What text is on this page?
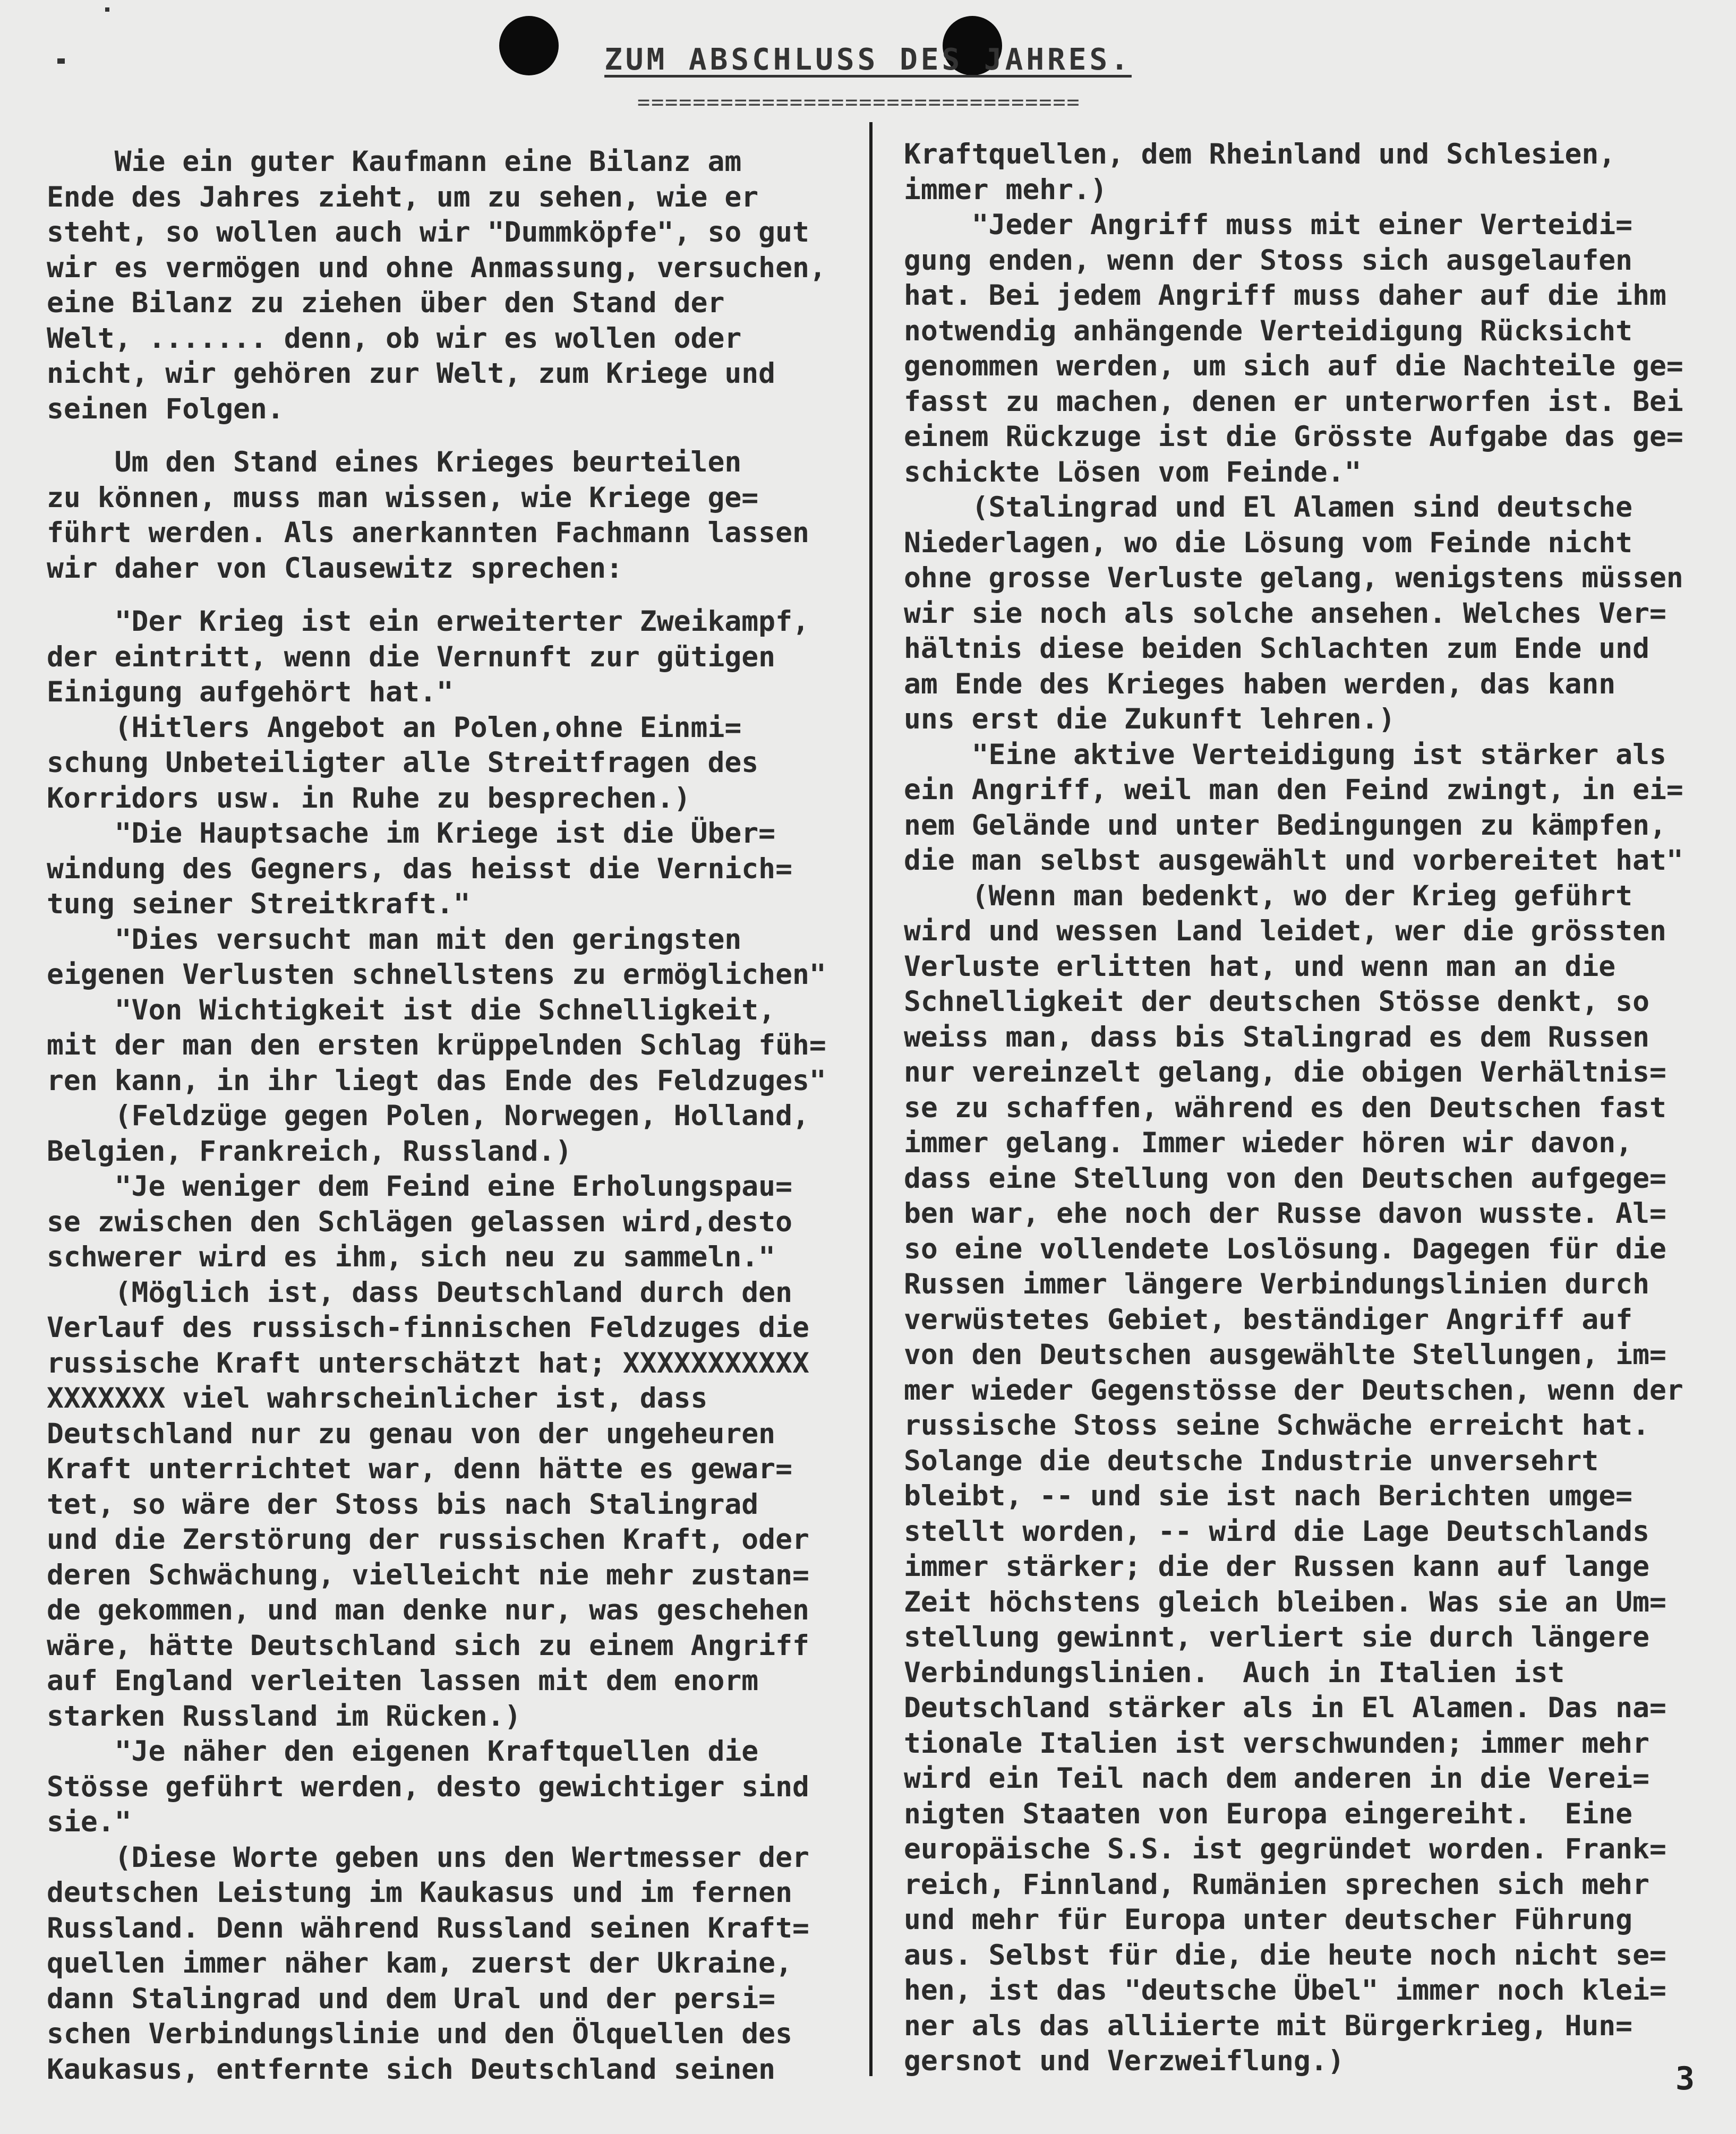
ZUM ABSCHLUSS DES JAHRES.
================================
Wie ein guter Kaufmann eine Bilanz am
Ende des Jahres zieht, um zu sehen, wie er
steht, so wollen auch wir "Dummköpfe", so gut
wir es vermögen und ohne Anmassung, versuchen,
eine Bilanz zu ziehen über den Stand der
Welt, ....... denn, ob wir es wollen oder
nicht, wir gehören zur Welt, zum Kriege und
seinen Folgen.
Um den Stand eines Krieges beurteilen
zu können, muss man wissen, wie Kriege ge=
führt werden. Als anerkannten Fachmann lassen
wir daher von Clausewitz sprechen:
"Der Krieg ist ein erweiterter Zweikampf,
der eintritt, wenn die Vernunft zur gütigen
Einigung aufgehört hat."
(Hitlers Angebot an Polen,ohne Einmi=
schung Unbeteiligter alle Streitfragen des
Korridors usw. in Ruhe zu besprechen.)
"Die Hauptsache im Kriege ist die Über=
windung des Gegners, das heisst die Vernich=
tung seiner Streitkraft."
"Dies versucht man mit den geringsten
eigenen Verlusten schnellstens zu ermöglichen"
"Von Wichtigkeit ist die Schnelligkeit,
mit der man den ersten krüppelnden Schlag füh=
ren kann, in ihr liegt das Ende des Feldzuges"
(Feldzüge gegen Polen, Norwegen, Holland,
Belgien, Frankreich, Russland.)
"Je weniger dem Feind eine Erholungspau=
se zwischen den Schlägen gelassen wird,desto
schwerer wird es ihm, sich neu zu sammeln."
(Möglich ist, dass Deutschland durch den
Verlauf des russisch-finnischen Feldzuges die
russische Kraft unterschätzt hat; XXXXXXXXXXX
XXXXXXX viel wahrscheinlicher ist, dass
Deutschland nur zu genau von der ungeheuren
Kraft unterrichtet war, denn hätte es gewar=
tet, so wäre der Stoss bis nach Stalingrad
und die Zerstörung der russischen Kraft, oder
deren Schwächung, vielleicht nie mehr zustan=
de gekommen, und man denke nur, was geschehen
wäre, hätte Deutschland sich zu einem Angriff
auf England verleiten lassen mit dem enorm
starken Russland im Rücken.)
"Je näher den eigenen Kraftquellen die
Stösse geführt werden, desto gewichtiger sind
sie."
(Diese Worte geben uns den Wertmesser der
deutschen Leistung im Kaukasus und im fernen
Russland. Denn während Russland seinen Kraft=
quellen immer näher kam, zuerst der Ukraine,
dann Stalingrad und dem Ural und der persi=
schen Verbindungslinie und den Ölquellen des
Kaukasus, entfernte sich Deutschland seinen
Kraftquellen, dem Rheinland und Schlesien,
immer mehr.)
"Jeder Angriff muss mit einer Verteidi=
gung enden, wenn der Stoss sich ausgelaufen
hat. Bei jedem Angriff muss daher auf die ihm
notwendig anhängende Verteidigung Rücksicht
genommen werden, um sich auf die Nachteile ge=
fasst zu machen, denen er unterworfen ist. Bei
einem Rückzuge ist die Grösste Aufgabe das ge=
schickte Lösen vom Feinde."
(Stalingrad und El Alamen sind deutsche
Niederlagen, wo die Lösung vom Feinde nicht
ohne grosse Verluste gelang, wenigstens müssen
wir sie noch als solche ansehen. Welches Ver=
hältnis diese beiden Schlachten zum Ende und
am Ende des Krieges haben werden, das kann
uns erst die Zukunft lehren.)
"Eine aktive Verteidigung ist stärker als
ein Angriff, weil man den Feind zwingt, in ei=
nem Gelände und unter Bedingungen zu kämpfen,
die man selbst ausgewählt und vorbereitet hat"
(Wenn man bedenkt, wo der Krieg geführt
wird und wessen Land leidet, wer die grössten
Verluste erlitten hat, und wenn man an die
Schnelligkeit der deutschen Stösse denkt, so
weiss man, dass bis Stalingrad es dem Russen
nur vereinzelt gelang, die obigen Verhältnis=
se zu schaffen, während es den Deutschen fast
immer gelang. Immer wieder hören wir davon,
dass eine Stellung von den Deutschen aufgege=
ben war, ehe noch der Russe davon wusste. Al=
so eine vollendete Loslösung. Dagegen für die
Russen immer längere Verbindungslinien durch
verwüstetes Gebiet, beständiger Angriff auf
von den Deutschen ausgewählte Stellungen, im=
mer wieder Gegenstösse der Deutschen, wenn der
russische Stoss seine Schwäche erreicht hat.
Solange die deutsche Industrie unversehrt
bleibt, -- und sie ist nach Berichten umge=
stellt worden, -- wird die Lage Deutschlands
immer stärker; die der Russen kann auf lange
Zeit höchstens gleich bleiben. Was sie an Um=
stellung gewinnt, verliert sie durch längere
Verbindungslinien.  Auch in Italien ist
Deutschland stärker als in El Alamen. Das na=
tionale Italien ist verschwunden; immer mehr
wird ein Teil nach dem anderen in die Verei=
nigten Staaten von Europa eingereiht.  Eine
europäische S.S. ist gegründet worden. Frank=
reich, Finnland, Rumänien sprechen sich mehr
und mehr für Europa unter deutscher Führung
aus. Selbst für die, die heute noch nicht se=
hen, ist das "deutsche Übel" immer noch klei=
ner als das alliierte mit Bürgerkrieg, Hun=
gersnot und Verzweiflung.)	3
